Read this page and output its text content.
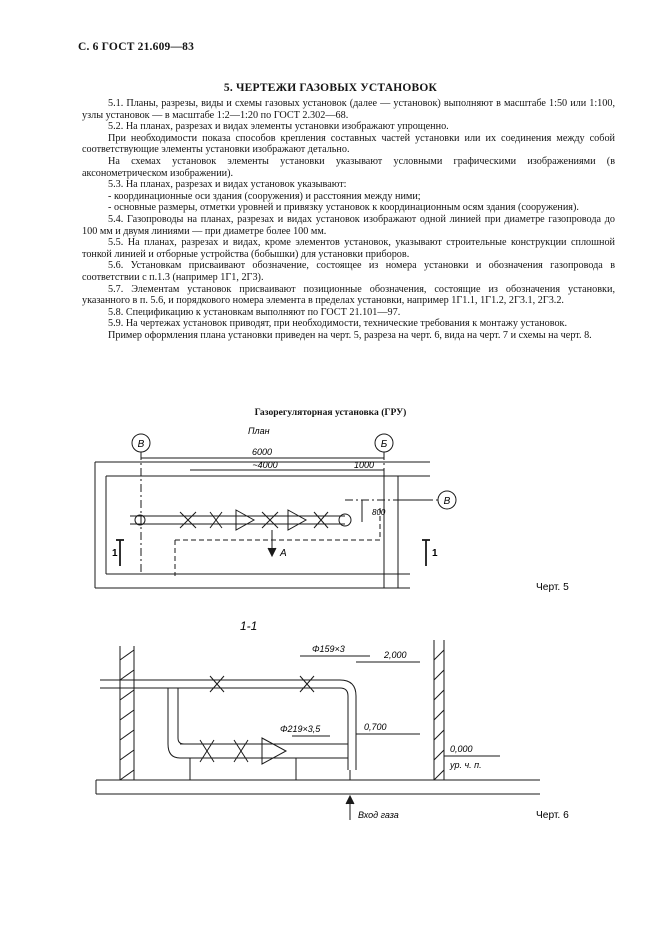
С. 6 ГОСТ 21.609—83
5. ЧЕРТЕЖИ ГАЗОВЫХ УСТАНОВОК

5.1. Планы, разрезы, виды и схемы газовых установок (далее — установок) выполняют в масштабе 1:50 или 1:100, узлы установок — в масштабе 1:2—1:20 по ГОСТ 2.302—68.

5.2. На планах, разрезах и видах элементы установки изображают упрощенно.

При необходимости показа способов крепления составных частей установки или их соединения между собой соответствующие элементы установки изображают детально.

На схемах установок элементы установки указывают условными графическими изображениями (в аксонометрическом изображении).

5.3. На планах, разрезах и видах установок указывают:

- координационные оси здания (сооружения) и расстояния между ними;

- основные размеры, отметки уровней и привязку установок к координационным осям здания (сооружения).

5.4. Газопроводы на планах, разрезах и видах установок изображают одной линией при диаметре газопровода до 100 мм и двумя линиями — при диаметре более 100 мм.

5.5. На планах, разрезах и видах, кроме элементов установок, указывают строительные конструкции сплошной тонкой линией и отборные устройства (бобышки) для установки приборов.

5.6. Установкам присваивают обозначение, состоящее из номера установки и обозначения газопровода в соответствии с п.1.3 (например 1Г1, 2Г3).

5.7. Элементам установок присваивают позиционные обозначения, состоящие из обозначения установки, указанного в п. 5.6, и порядкового номера элемента в пределах установки, например 1Г1.1, 1Г1.2, 2Г3.1, 2Г3.2.

5.8. Спецификацию к установкам выполняют по ГОСТ 21.101—97.

5.9. На чертежах установок приводят, при необходимости, технические требования к монтажу установок.

Пример оформления плана установки приведен на черт. 5, разреза на черт. 6, вида на черт. 7 и схемы на черт. 8.

Газорегуляторная установка (ГРУ)
В	Б
В
План
6000
~4000	1000
800
А
1	1
Черт. 5
1-1
Φ159×3
Φ219×3,5
2,000
0,700
0,000
ур. ч. п.
Вход газа	Черт. 6
